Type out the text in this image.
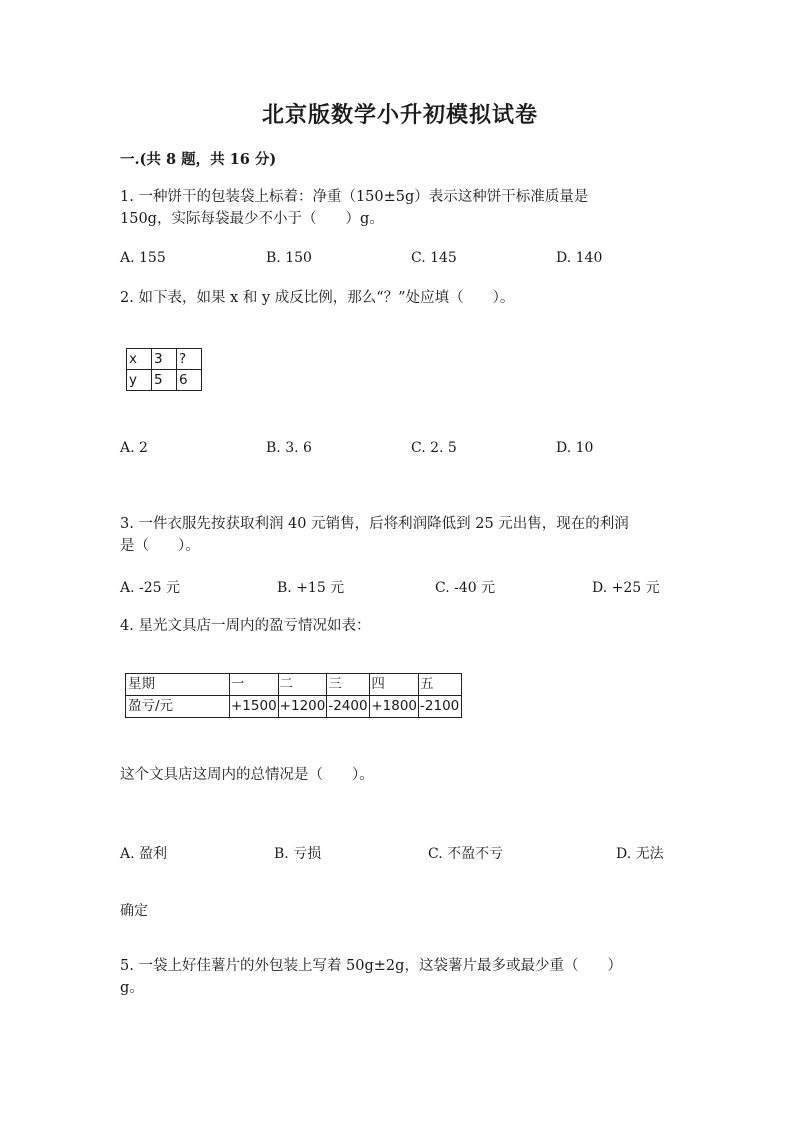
北京版数学小升初模拟试卷
一.(共 8 题，共 16 分)
1. 一种饼干的包装袋上标着：净重（150±5g）表示这种饼干标准质量是
150g，实际每袋最少不小于（　　）g。
A. 155	B. 150	C. 145	D. 140
2. 如下表，如果 x 和 y 成反比例，那么“？”处应填（　　）。
x	3	?
y	5	6
A. 2	B. 3. 6	C. 2. 5	D. 10
3. 一件衣服先按获取利润 40 元销售，后将利润降低到 25 元出售，现在的利润
是（　　）。
A. -25 元	B. +15 元	C. -40 元	D. +25 元
4. 星光文具店一周内的盈亏情况如表：
星期	一	二	三	四	五
盈亏/元	+1500	+1200	-2400	+1800	-2100
这个文具店这周内的总情况是（　　）。
A. 盈利	B. 亏损	C. 不盈不亏	D. 无法
确定
5. 一袋上好佳薯片的外包装上写着 50g±2g，这袋薯片最多或最少重（　　）
g。
